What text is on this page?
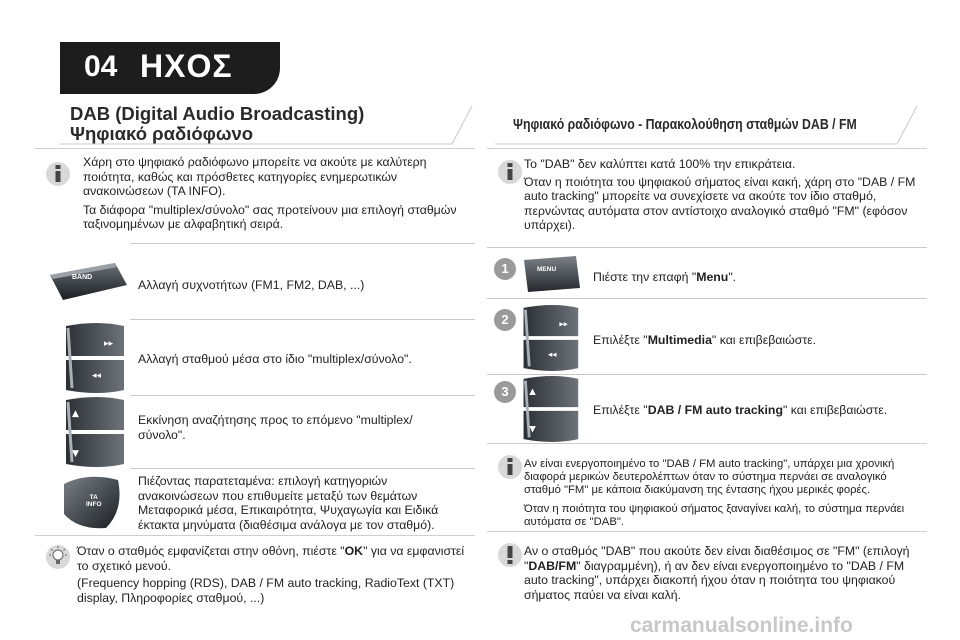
04 ΗΧΟΣ
DAB (Digital Audio Broadcasting)
Ψηφιακό ραδιόφωνο
Χάρη στο ψηφιακό ραδιόφωνο μπορείτε να ακούτε με καλύτερη ποιότητα, καθώς και πρόσθετες κατηγορίες ενημερωτικών ανακοινώσεων (TA INFO).
Τα διάφορα "multiplex/σύνολο" σας προτείνουν μια επιλογή σταθμών ταξινομημένων με αλφαβητική σειρά.
BAND
Αλλαγή συχνοτήτων (FM1, FM2, DAB, ...)
▸▸
◂◂
Αλλαγή σταθμού μέσα στο ίδιο "multiplex/σύνολο".
▲
▼
Εκκίνηση αναζήτησης προς το επόμενο "multiplex/ σύνολο".
TA
INFO
Πιέζοντας παρατεταμένα: επιλογή κατηγοριών ανακοινώσεων που επιθυμείτε μεταξύ των θεμάτων Μεταφορικά μέσα, Επικαιρότητα, Ψυχαγωγία και Ειδικά έκτακτα μηνύματα (διαθέσιμα ανάλογα με τον σταθμό).
Όταν ο σταθμός εμφανίζεται στην οθόνη, πιέστε "OK" για να εμφανιστεί το σχετικό μενού.
(Frequency hopping (RDS), DAB / FM auto tracking, RadioText (TXT) display, Πληροφορίες σταθμού, ...)
Ψηφιακό ραδιόφωνο - Παρακολούθηση σταθμών DAB / FM
Το "DAB" δεν καλύπτει κατά 100% την επικράτεια.
Όταν η ποιότητα του ψηφιακού σήματος είναι κακή, χάρη στο "DAB / FM auto tracking" μπορείτε να συνεχίσετε να ακούτε τον ίδιο σταθμό, περνώντας αυτόματα στον αντίστοιχο αναλογικό σταθμό "FM" (εφόσον υπάρχει).
1	MENU
Πιέστε την επαφή "Menu".
2	▸▸
◂◂
Επιλέξτε "Multimedia" και επιβεβαιώστε.
3	▲
▼
Επιλέξτε "DAB / FM auto tracking" και επιβεβαιώστε.
Αν είναι ενεργοποιημένο το "DAB / FM auto tracking", υπάρχει μια χρονική διαφορά μερικών δευτερολέπτων όταν το σύστημα περνάει σε αναλογικό σταθμό "FM" με κάποια διακύμανση της έντασης ήχου μερικές φορές.
Όταν η ποιότητα του ψηφιακού σήματος ξαναγίνει καλή, το σύστημα περνάει αυτόματα σε "DAB".
Αν ο σταθμός "DAB" που ακούτε δεν είναι διαθέσιμος σε "FM" (επιλογή "DAB/FM" διαγραμμένη), ή αν δεν είναι ενεργοποιημένο το "DAB / FM auto tracking", υπάρχει διακοπή ήχου όταν η ποιότητα του ψηφιακού σήματος παύει να είναι καλή.
carmanualsonline.info
